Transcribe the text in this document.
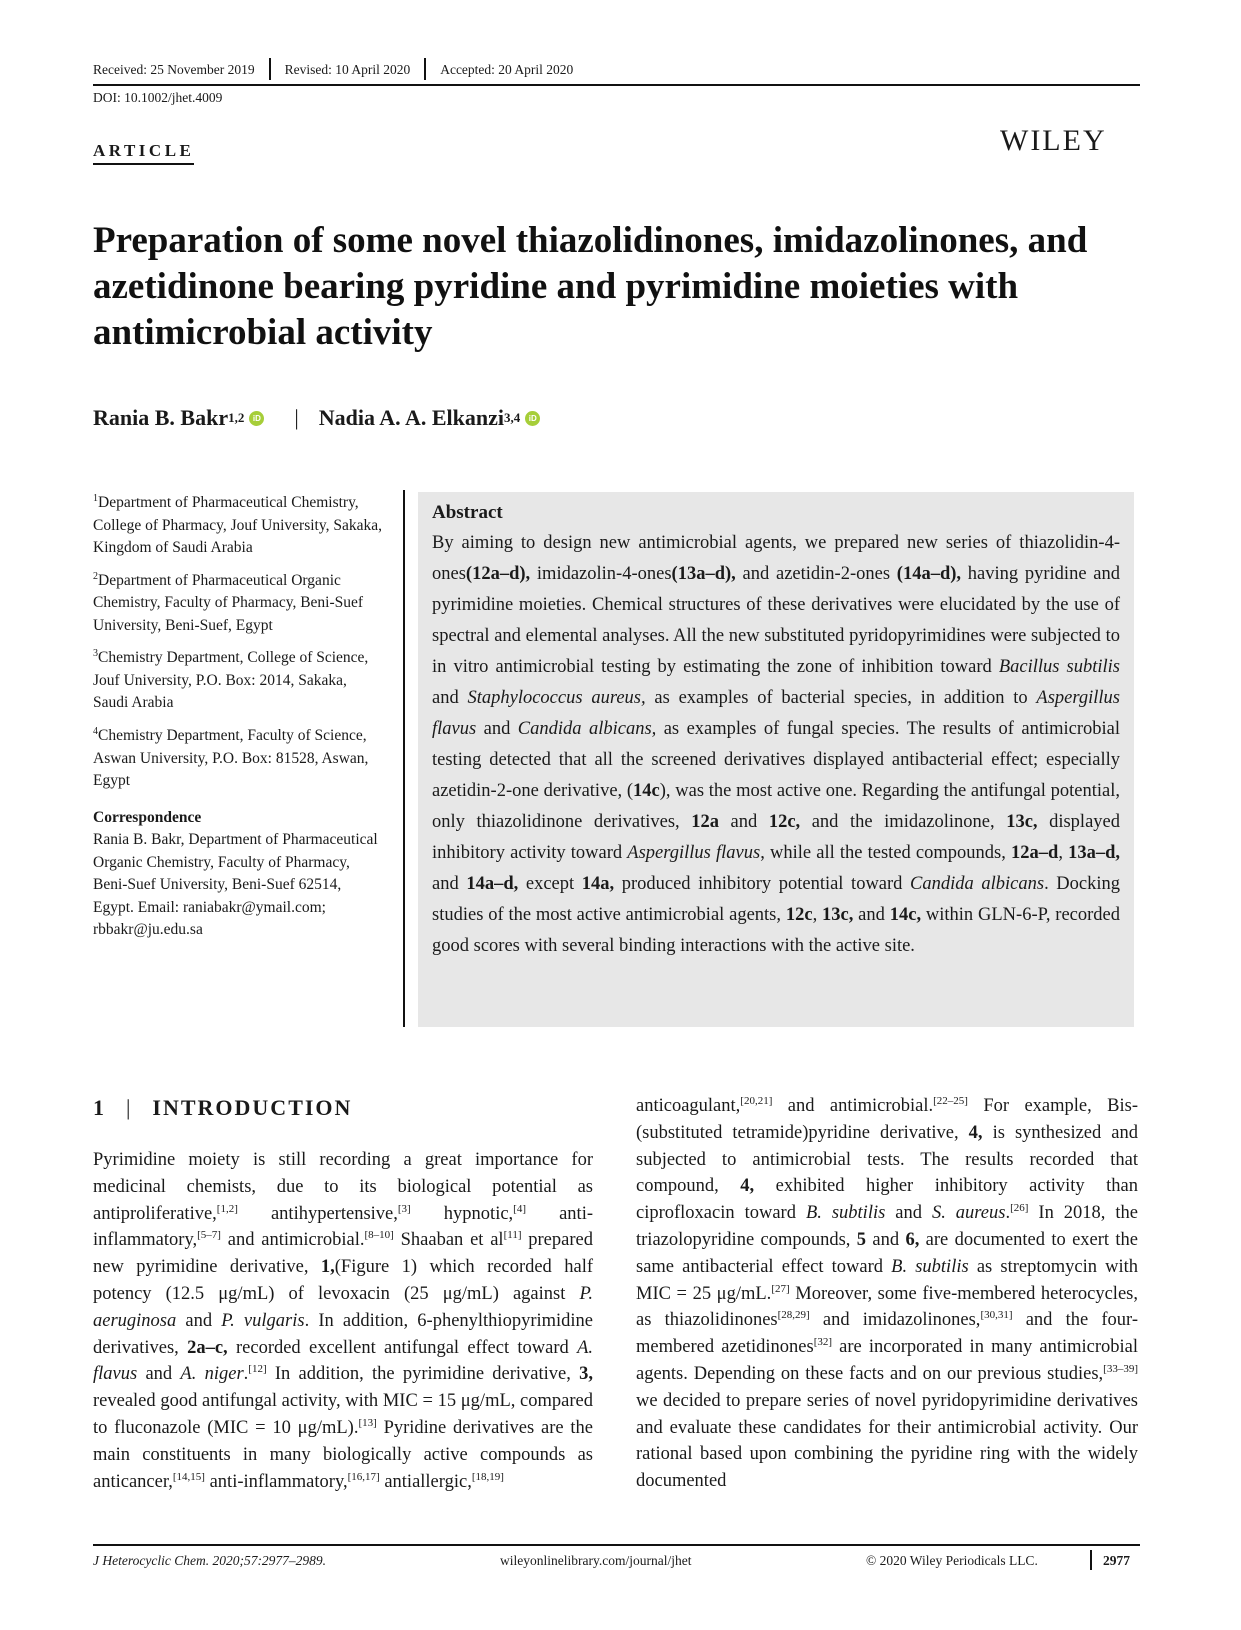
Received: 25 November 2019 Revised: 10 April 2020 Accepted: 20 April 2020
DOI: 10.1002/jhet.4009
ARTICLE	WILEY
Preparation of some novel thiazolidinones, imidazolinones, and azetidinone bearing pyridine and pyrimidine moieties with antimicrobial activity
Rania B. Bakr 1,2	iD | Nadia A. A. Elkanzi 3,4	iD

$^1$Department of Pharmaceutical Chemistry, College of Pharmacy, Jouf University, Sakaka, Kingdom of Saudi Arabia

$^2$Department of Pharmaceutical Organic Chemistry, Faculty of Pharmacy, Beni-Suef University, Beni-Suef, Egypt

$^3$Chemistry Department, College of Science, Jouf University, P.O. Box: 2014, Sakaka, Saudi Arabia

$^4$Chemistry Department, Faculty of Science, Aswan University, P.O. Box: 81528, Aswan, Egypt

Correspondence

Rania B. Bakr, Department of Pharmaceutical Organic Chemistry, Faculty of Pharmacy, Beni-Suef University, Beni-Suef 62514, Egypt. Email: raniabakr@ymail.com; rbbakr@ju.edu.sa

Abstract

By aiming to design new antimicrobial agents, we prepared new series of thiazolidin-4-ones(12a–d), imidazolin-4-ones(13a–d), and azetidin-2-ones (14a–d), having pyridine and pyrimidine moieties. Chemical structures of these derivatives were elucidated by the use of spectral and elemental analyses. All the new substituted pyridopyrimidines were subjected to in vitro antimicrobial testing by estimating the zone of inhibition toward Bacillus subtilis and Staphylococcus aureus, as examples of bacterial species, in addition to Aspergillus flavus and Candida albicans, as examples of fungal species. The results of antimicrobial testing detected that all the screened derivatives displayed antibacterial effect; especially azetidin-2-one derivative, (14c), was the most active one. Regarding the antifungal potential, only thiazolidinone derivatives, 12a and 12c, and the imidazolinone, 13c, displayed inhibitory activity toward Aspergillus flavus, while all the tested compounds, 12a–d, 13a–d, and 14a–d, except 14a, produced inhibitory potential toward Candida albicans. Docking studies of the most active antimicrobial agents, 12c, 13c, and 14c, within GLN-6-P, recorded good scores with several binding interactions with the active site.

1 | INTRODUCTION
Pyrimidine moiety is still recording a great importance for medicinal chemists, due to its biological potential as antiproliferative,[1,2] antihypertensive,[3] hypnotic,[4] anti-inflammatory,[5–7] and antimicrobial.[8–10] Shaaban et al[11] prepared new pyrimidine derivative, 1,(Figure 1) which recorded half potency (12.5 μg/mL) of levoxacin (25 μg/mL) against P. aeruginosa and P. vulgaris. In addition, 6-phenylthiopyrimidine derivatives, 2a–c, recorded excellent antifungal effect toward A. flavus and A. niger.[12] In addition, the pyrimidine derivative, 3, revealed good antifungal activity, with MIC = 15 μg/mL, compared to fluconazole (MIC = 10 μg/mL).[13] Pyridine derivatives are the main constituents in many biologically active compounds as anticancer,[14,15] anti-inflammatory,[16,17] antiallergic,[18,19]
anticoagulant,[20,21] and antimicrobial.[22–25] For example, Bis-(substituted tetramide)pyridine derivative, 4, is synthesized and subjected to antimicrobial tests. The results recorded that compound, 4, exhibited higher inhibitory activity than ciprofloxacin toward B. subtilis and S. aureus.[26] In 2018, the triazolopyridine compounds, 5 and 6, are documented to exert the same antibacterial effect toward B. subtilis as streptomycin with MIC = 25 μg/mL.[27] Moreover, some five-membered heterocycles, as thiazolidinones[28,29] and imidazolinones,[30,31] and the four-membered azetidinones[32] are incorporated in many antimicrobial agents. Depending on these facts and on our previous studies,[33–39] we decided to prepare series of novel pyridopyrimidine derivatives and evaluate these candidates for their antimicrobial activity. Our rational based upon combining the pyridine ring with the widely documented
J Heterocyclic Chem. 2020;57:2977–2989.	wileyonlinelibrary.com/journal/jhet	© 2020 Wiley Periodicals LLC.	2977
